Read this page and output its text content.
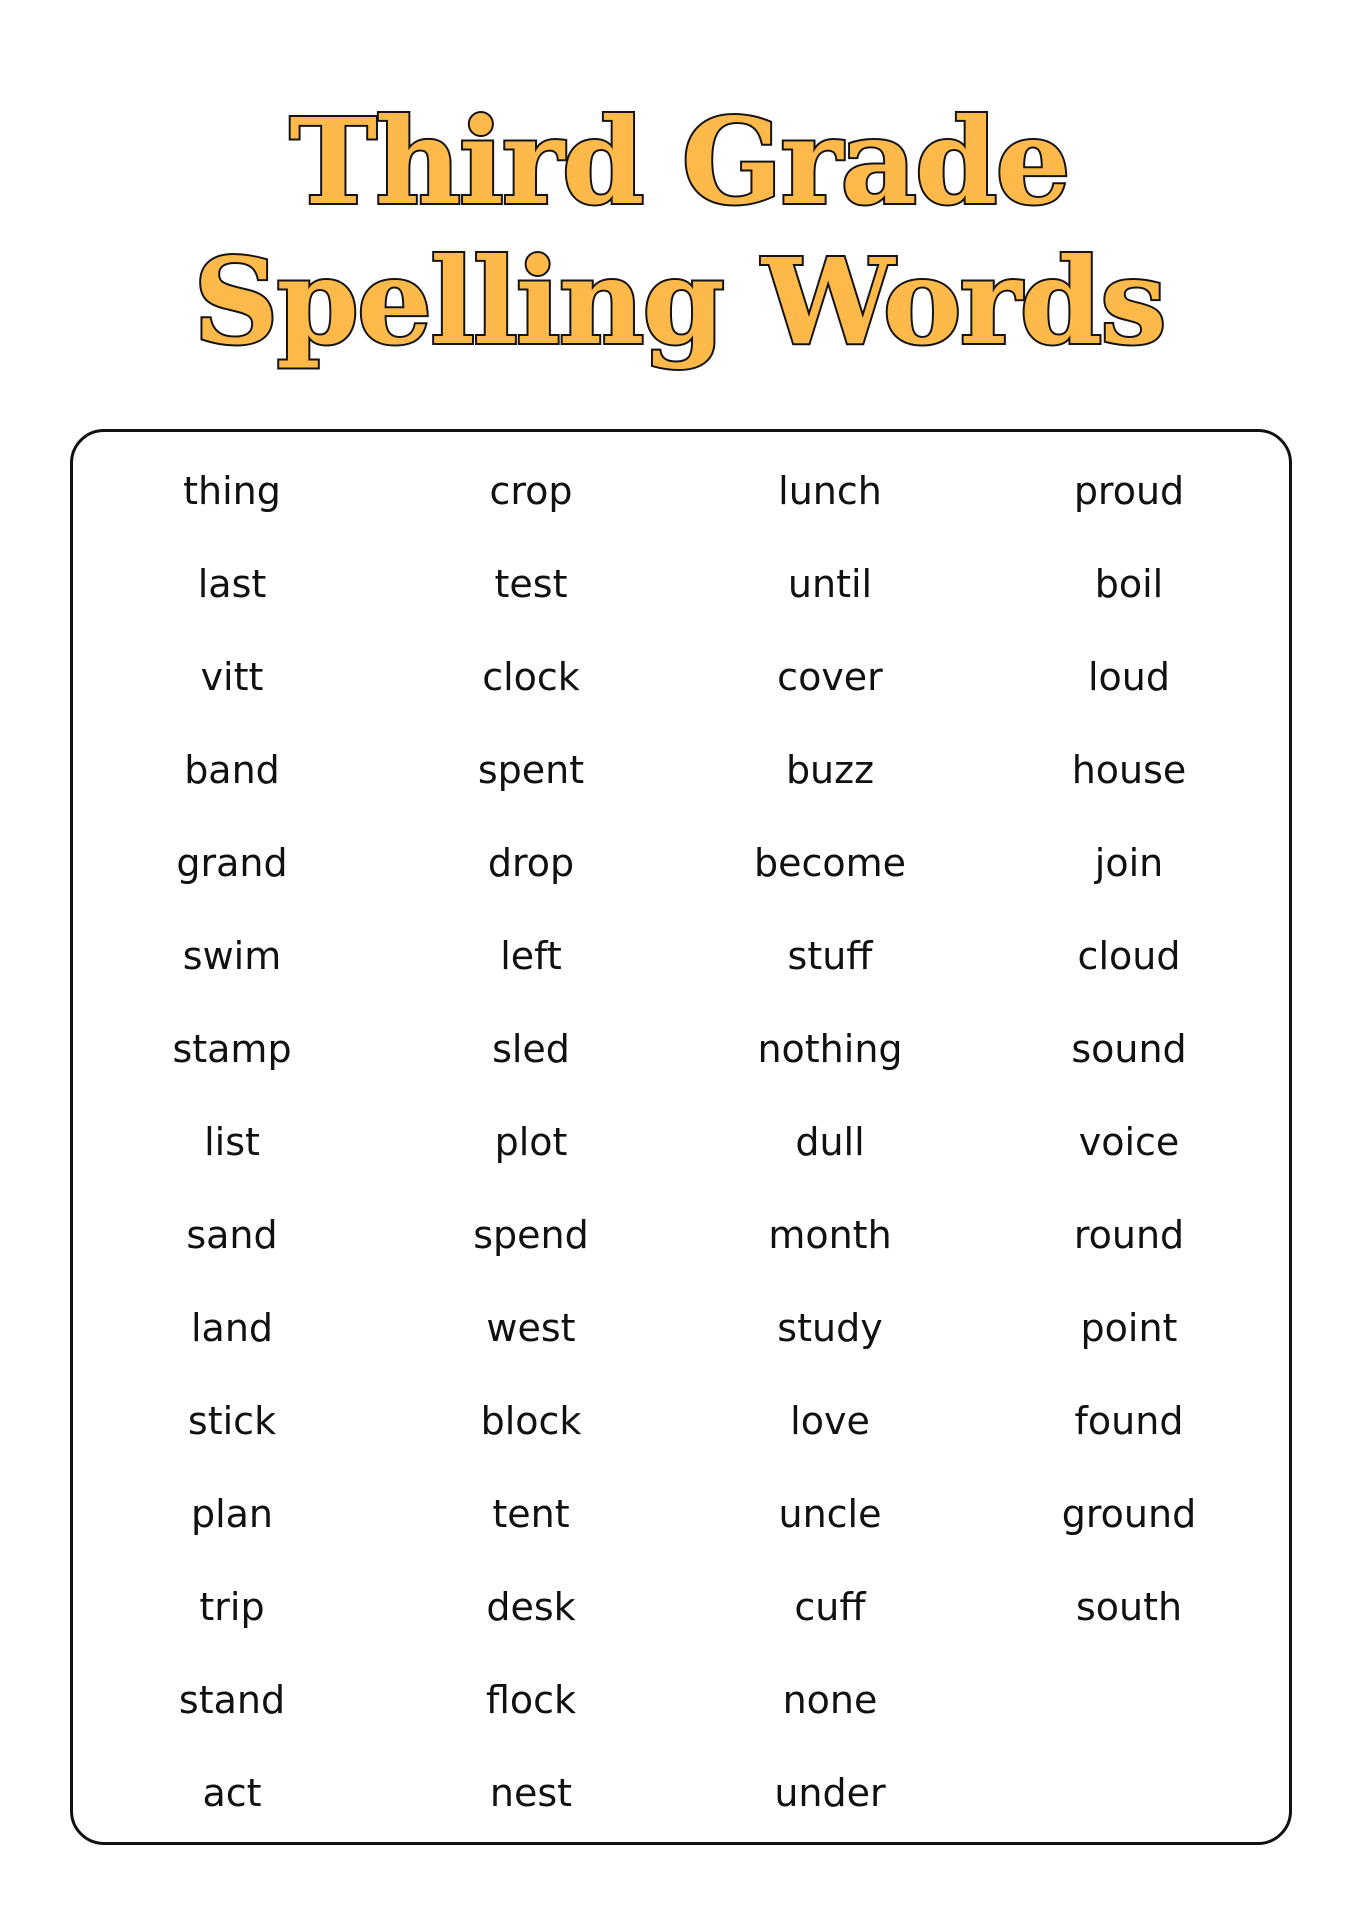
Third Grade
Spelling Words
thing
last
vitt
band
grand
swim
stamp
list
sand
land
stick
plan
trip
stand
act
crop
test
clock
spent
drop
left
sled
plot
spend
west
block
tent
desk
flock
nest
lunch
until
cover
buzz
become
stuff
nothing
dull
month
study
love
uncle
cuff
none
under
proud
boil
loud
house
join
cloud
sound
voice
round
point
found
ground
south
